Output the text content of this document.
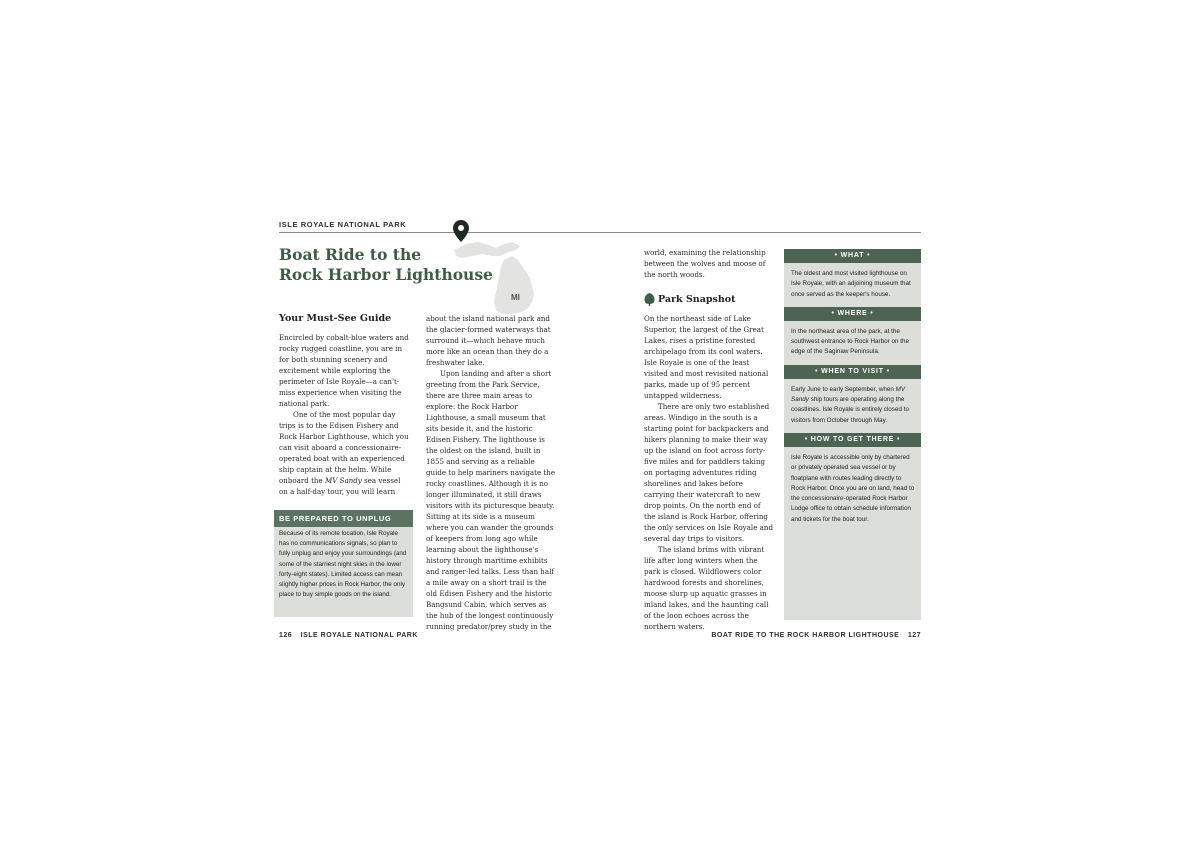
ISLE ROYALE NATIONAL PARK
MI
Boat Ride to the
Rock Harbor Lighthouse
Your Must-See Guide

Encircled by cobalt-blue waters and rocky rugged coastline, you are in for both stunning scenery and excitement while exploring the perimeter of Isle Royale—a can't-miss experience when visiting the national park.

One of the most popular day trips is to the Edisen Fishery and Rock Harbor Lighthouse, which you can visit aboard a concessionaire-operated boat with an experienced ship captain at the helm. While onboard the MV Sandy sea vessel on a half-day tour, you will learn

BE PREPARED TO UNPLUG
Because of its remote location, Isle Royale has no communications signals, so plan to fully unplug and enjoy your surroundings (and some of the starriest night skies in the lower forty-eight states). Limited access can mean slightly higher prices in Rock Harbor, the only place to buy simple goods on the island.

about the island national park and the glacier-formed waterways that surround it—which behave much more like an ocean than they do a freshwater lake.

Upon landing and after a short greeting from the Park Service, there are three main areas to explore: the Rock Harbor Lighthouse, a small museum that sits beside it, and the historic Edisen Fishery. The lighthouse is the oldest on the island, built in 1855 and serving as a reliable guide to help mariners navigate the rocky coastlines. Although it is no longer illuminated, it still draws visitors with its picturesque beauty. Sitting at its side is a museum where you can wander the grounds of keepers from long ago while learning about the lighthouse's history through maritime exhibits and ranger-led talks. Less than half a mile away on a short trail is the old Edisen Fishery and the historic Bangsund Cabin, which serves as the hub of the longest continuously running predator/prey study in the

world, examining the relationship between the wolves and moose of the north woods.
Park Snapshot

On the northeast side of Lake Superior, the largest of the Great Lakes, rises a pristine forested archipelago from its cool waters. Isle Royale is one of the least visited and most revisited national parks, made up of 95 percent untapped wilderness.

There are only two established areas. Windigo in the south is a starting point for backpackers and hikers planning to make their way up the island on foot across forty-five miles and for paddlers taking on portaging adventures riding shorelines and lakes before carrying their watercraft to new drop points. On the north end of the island is Rock Harbor, offering the only services on Isle Royale and several day trips to visitors.

The island brims with vibrant life after long winters when the park is closed. Wildflowers color hardwood forests and shorelines, moose slurp up aquatic grasses in inland lakes, and the haunting call of the loon echoes across the northern waters.

• WHAT •
The oldest and most visited lighthouse on Isle Royale, with an adjoining museum that once served as the keeper's house.
• WHERE •
In the northeast area of the park, at the southwest entrance to Rock Harbor on the edge of the Saginaw Peninsula.
• WHEN TO VISIT •
Early June to early September, when MV Sandy ship tours are operating along the coastlines. Isle Royale is entirely closed to visitors from October through May.
• HOW TO GET THERE •
Isle Royale is accessible only by chartered or privately operated sea vessel or by floatplane with routes leading directly to Rock Harbor. Once you are on land, head to the concessionaire-operated Rock Harbor Lodge office to obtain schedule information and tickets for the boat tour.
126 ISLE ROYALE NATIONAL PARK	BOAT RIDE TO THE ROCK HARBOR LIGHTHOUSE 127
